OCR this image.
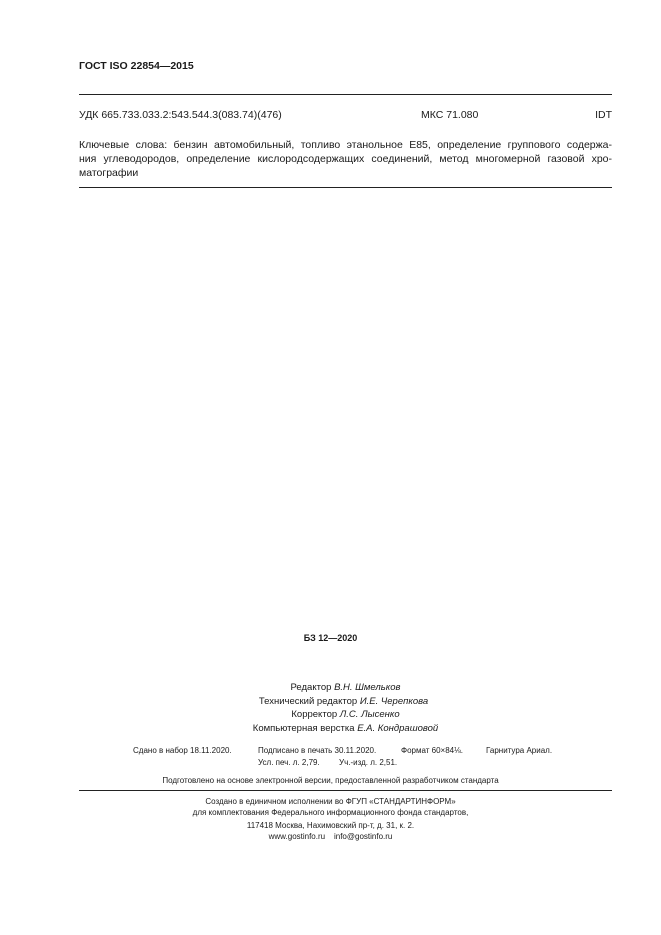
ГОСТ ISO 22854—2015
УДК 665.733.033.2:543.544.3(083.74)(476)	МКС 71.080	IDT
Ключевые слова: бензин автомобильный, топливо этанольное Е85, определение группового содержа-
ния углеводородов, определение кислородсодержащих соединений, метод многомерной газовой хро-
матографии
БЗ 12—2020
Редактор В.Н. Шмельков
Технический редактор И.Е. Черепкова
Корректор Л.С. Лысенко
Компьютерная верстка Е.А. Кондрашовой
Сдано в набор 18.11.2020.	Подписано в печать 30.11.2020.	Формат 60×84⅛.	Гарнитура Ариал.
Усл. печ. л. 2,79. Уч.-изд. л. 2,51.
Подготовлено на основе электронной версии, предоставленной разработчиком стандарта
Создано в единичном исполнении во ФГУП «СТАНДАРТИНФОРМ»
для комплектования Федерального информационного фонда стандартов,
117418 Москва, Нахимовский пр-т, д. 31, к. 2.
www.gostinfo.ru info@gostinfo.ru
